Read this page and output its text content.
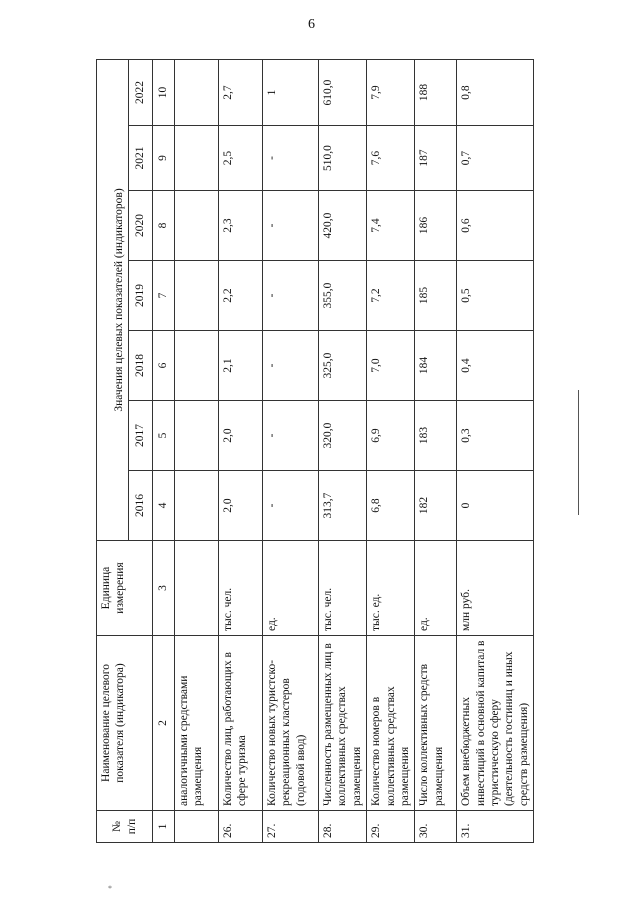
6
*
№ п/п	Наименование целевого показателя (индикатора)	Единица измерения	Значения целевых показателей (индикаторов)						
			2016	2017	2018	2019	2020	2021	2022
1	2	3	4	5	6	7	8	9	10
	аналогичными средствами размещения								
26.	Количество лиц, работающих в сфере туризма	тыс. чел.	2,0	2,0	2,1	2,2	2,3	2,5	2,7
27.	Количество новых туристско-рекреационных кластеров (годовой ввод)	ед.	-	-	-	-	-	-	1
28.	Численность размещенных лиц в коллективных средствах размещения	тыс. чел.	313,7	320,0	325,0	355,0	420,0	510,0	610,0
29.	Количество номеров в коллективных средствах размещения	тыс. ед.	6,8	6,9	7,0	7,2	7,4	7,6	7,9
30.	Число коллективных средств размещения	ед.	182	183	184	185	186	187	188
31.	Объем внебюджетных инвестиций в основной капитал в туристическую сферу (деятельность гостиниц и иных средств размещения)	млн руб.	0	0,3	0,4	0,5	0,6	0,7	0,8
